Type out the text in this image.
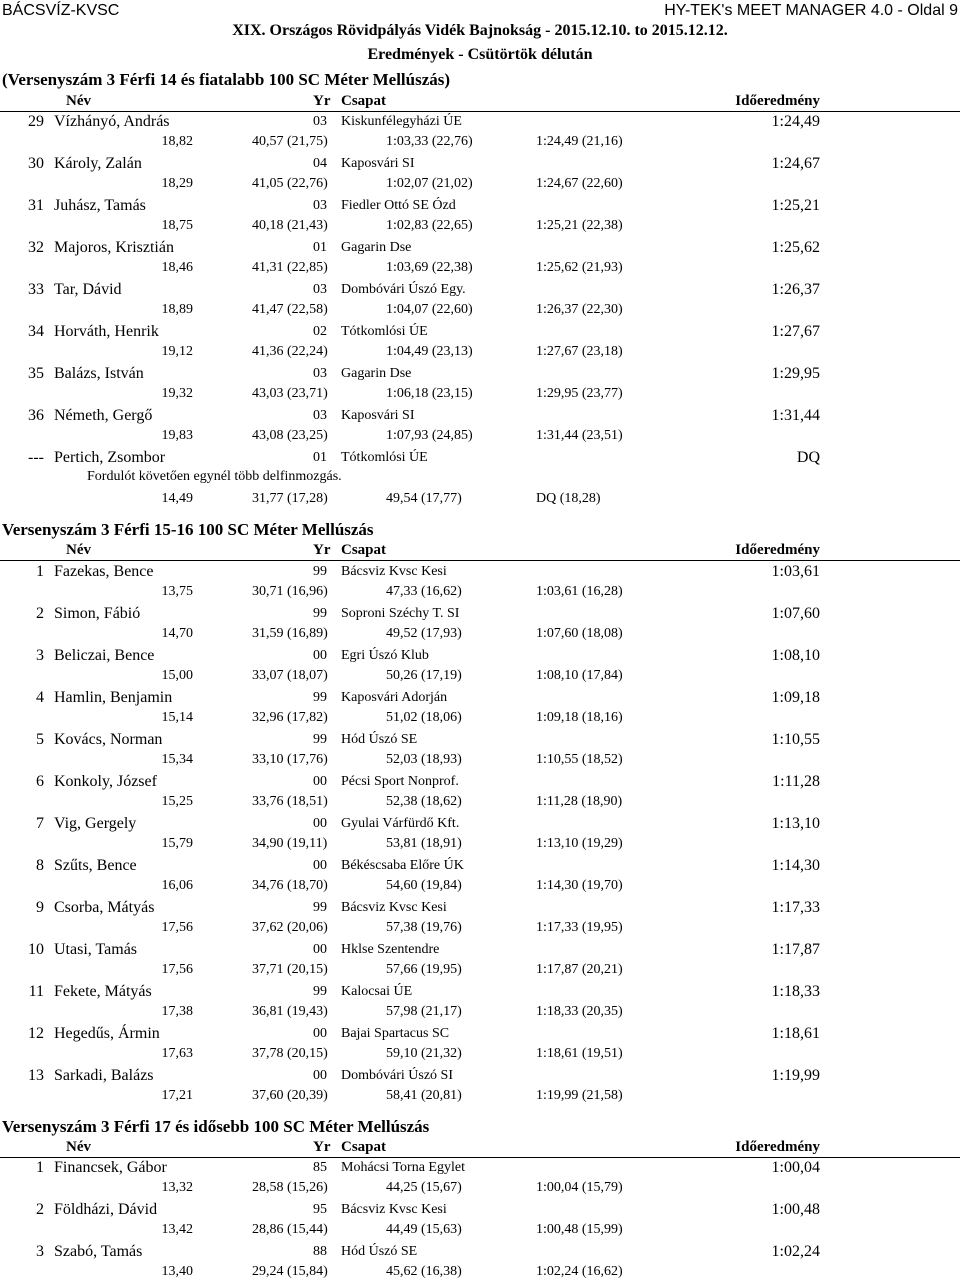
BÁCSVÍZ-KVSC	HY-TEK's MEET MANAGER 4.0 - Oldal 9
XIX. Országos Rövidpályás Vidék Bajnokság - 2015.12.10. to 2015.12.12.
Eredmények - Csütörtök délután
(Versenyszám 3 Férfi 14 és fiatalabb 100 SC Méter Mellúszás)
Név	Yr Csapat	Időeredmény
29 Vízhányó, András	03 Kiskunfélegyházi ÚE	1:24,49
18,82	40,57 (21,75)	1:03,33 (22,76)	1:24,49 (21,16)
30 Károly, Zalán	04 Kaposvári SI	1:24,67
18,29	41,05 (22,76)	1:02,07 (21,02)	1:24,67 (22,60)
31 Juhász, Tamás	03 Fiedler Ottó SE Ózd	1:25,21
18,75	40,18 (21,43)	1:02,83 (22,65)	1:25,21 (22,38)
32 Majoros, Krisztián	01 Gagarin Dse	1:25,62
18,46	41,31 (22,85)	1:03,69 (22,38)	1:25,62 (21,93)
33 Tar, Dávid	03 Dombóvári Úszó Egy.	1:26,37
18,89	41,47 (22,58)	1:04,07 (22,60)	1:26,37 (22,30)
34 Horváth, Henrik	02 Tótkomlósi ÚE	1:27,67
19,12	41,36 (22,24)	1:04,49 (23,13)	1:27,67 (23,18)
35 Balázs, István	03 Gagarin Dse	1:29,95
19,32	43,03 (23,71)	1:06,18 (23,15)	1:29,95 (23,77)
36 Németh, Gergő	03 Kaposvári SI	1:31,44
19,83	43,08 (23,25)	1:07,93 (24,85)	1:31,44 (23,51)
--- Pertich, Zsombor	01 Tótkomlósi ÚE	DQ
Fordulót követően egynél több delfinmozgás.
14,49	31,77 (17,28)	49,54 (17,77)	DQ (18,28)
Versenyszám 3 Férfi 15-16 100 SC Méter Mellúszás
Név	Yr Csapat	Időeredmény
1 Fazekas, Bence	99 Bácsviz Kvsc Kesi	1:03,61
13,75	30,71 (16,96)	47,33 (16,62)	1:03,61 (16,28)
2 Simon, Fábió	99 Soproni Széchy T. SI	1:07,60
14,70	31,59 (16,89)	49,52 (17,93)	1:07,60 (18,08)
3 Beliczai, Bence	00 Egri Úszó Klub	1:08,10
15,00	33,07 (18,07)	50,26 (17,19)	1:08,10 (17,84)
4 Hamlin, Benjamin	99 Kaposvári Adorján	1:09,18
15,14	32,96 (17,82)	51,02 (18,06)	1:09,18 (18,16)
5 Kovács, Norman	99 Hód Úszó SE	1:10,55
15,34	33,10 (17,76)	52,03 (18,93)	1:10,55 (18,52)
6 Konkoly, József	00 Pécsi Sport Nonprof.	1:11,28
15,25	33,76 (18,51)	52,38 (18,62)	1:11,28 (18,90)
7 Vig, Gergely	00 Gyulai Várfürdő Kft.	1:13,10
15,79	34,90 (19,11)	53,81 (18,91)	1:13,10 (19,29)
8 Szűts, Bence	00 Békéscsaba Előre ÚK	1:14,30
16,06	34,76 (18,70)	54,60 (19,84)	1:14,30 (19,70)
9 Csorba, Mátyás	99 Bácsviz Kvsc Kesi	1:17,33
17,56	37,62 (20,06)	57,38 (19,76)	1:17,33 (19,95)
10 Utasi, Tamás	00 Hklse Szentendre	1:17,87
17,56	37,71 (20,15)	57,66 (19,95)	1:17,87 (20,21)
11 Fekete, Mátyás	99 Kalocsai ÚE	1:18,33
17,38	36,81 (19,43)	57,98 (21,17)	1:18,33 (20,35)
12 Hegedűs, Ármin	00 Bajai Spartacus SC	1:18,61
17,63	37,78 (20,15)	59,10 (21,32)	1:18,61 (19,51)
13 Sarkadi, Balázs	00 Dombóvári Úszó SI	1:19,99
17,21	37,60 (20,39)	58,41 (20,81)	1:19,99 (21,58)
Versenyszám 3 Férfi 17 és idősebb 100 SC Méter Mellúszás
Név	Yr Csapat	Időeredmény
1 Financsek, Gábor	85 Mohácsi Torna Egylet	1:00,04
13,32	28,58 (15,26)	44,25 (15,67)	1:00,04 (15,79)
2 Földházi, Dávid	95 Bácsviz Kvsc Kesi	1:00,48
13,42	28,86 (15,44)	44,49 (15,63)	1:00,48 (15,99)
3 Szabó, Tamás	88 Hód Úszó SE	1:02,24
13,40	29,24 (15,84)	45,62 (16,38)	1:02,24 (16,62)
